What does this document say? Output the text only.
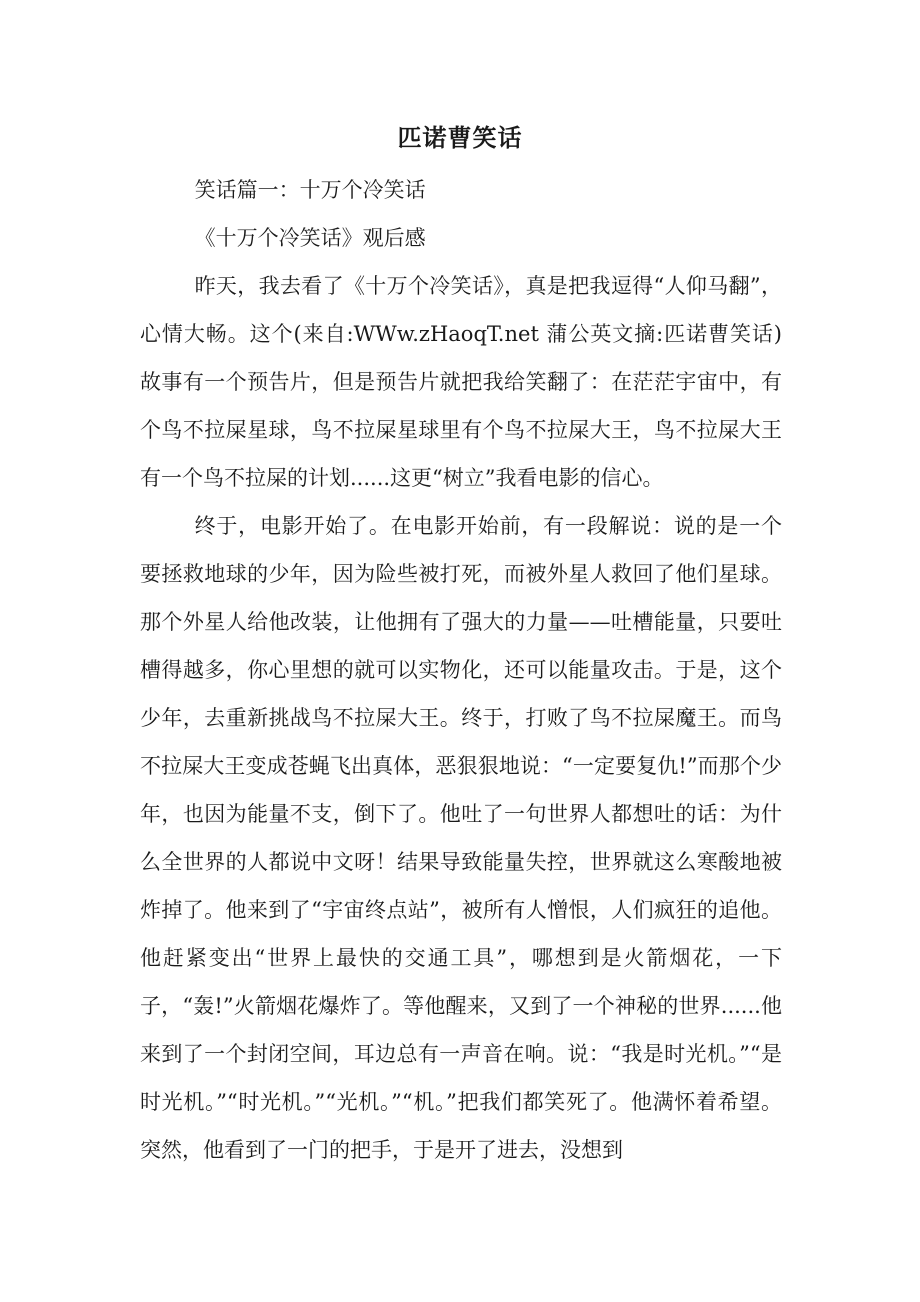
匹诺曹笑话

笑话篇一：十万个冷笑话

《十万个冷笑话》观后感

昨天，我去看了《十万个冷笑话》，真是把我逗得“人仰马翻”，心情大畅。这个(来自:WWw.zHaoqT.net 蒲公英文摘:匹诺曹笑话)故事有一个预告片，但是预告片就把我给笑翻了：在茫茫宇宙中，有个鸟不拉屎星球，鸟不拉屎星球里有个鸟不拉屎大王，鸟不拉屎大王有一个鸟不拉屎的计划......这更“树立”我看电影的信心。

终于，电影开始了。在电影开始前，有一段解说：说的是一个要拯救地球的少年，因为险些被打死，而被外星人救回了他们星球。那个外星人给他改装，让他拥有了强大的力量——吐槽能量，只要吐槽得越多，你心里想的就可以实物化，还可以能量攻击。于是，这个少年，去重新挑战鸟不拉屎大王。终于，打败了鸟不拉屎魔王。而鸟不拉屎大王变成苍蝇飞出真体，恶狠狠地说：“一定要复仇!”而那个少年，也因为能量不支，倒下了。他吐了一句世界人都想吐的话：为什么全世界的人都说中文呀！结果导致能量失控，世界就这么寒酸地被炸掉了。他来到了“宇宙终点站”，被所有人憎恨，人们疯狂的追他。他赶紧变出“世界上最快的交通工具”，哪想到是火箭烟花，一下子，“轰!”火箭烟花爆炸了。等他醒来，又到了一个神秘的世界......他来到了一个封闭空间，耳边总有一声音在响。说：“我是时光机。”“是时光机。”“时光机。”“光机。”“机。”把我们都笑死了。他满怀着希望。突然，他看到了一门的把手，于是开了进去，没想到
